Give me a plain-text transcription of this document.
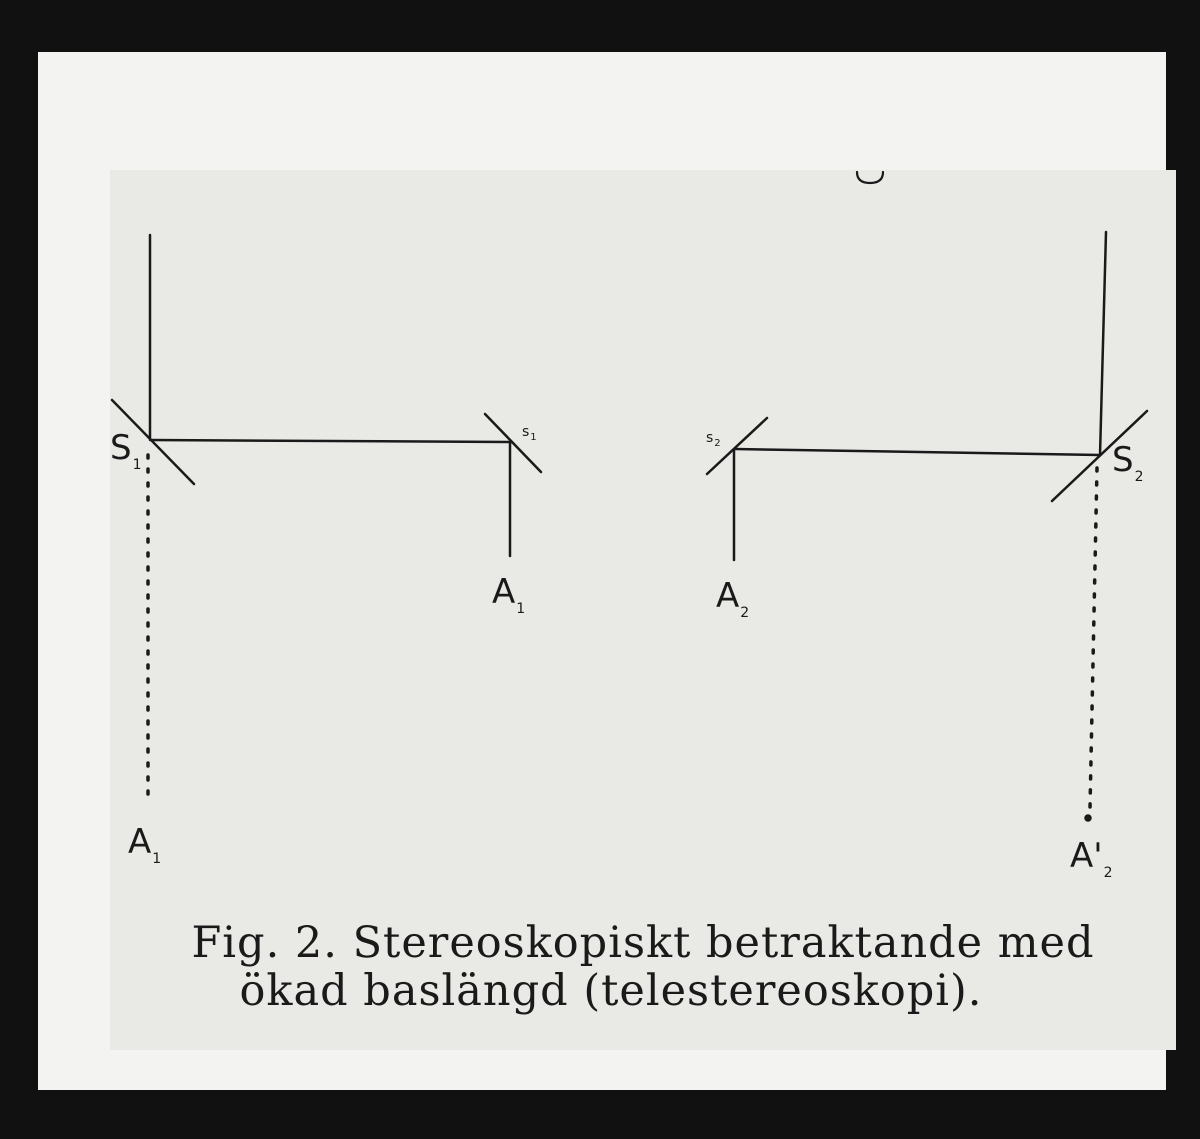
$S_1$
$s_1$
$A_1$
$A_1$
$s_2$
$A_2$
$S_2$
$A'_2$
Fig. 2. Stereoskopiskt betraktande med
ökad baslängd (telestereoskopi).
